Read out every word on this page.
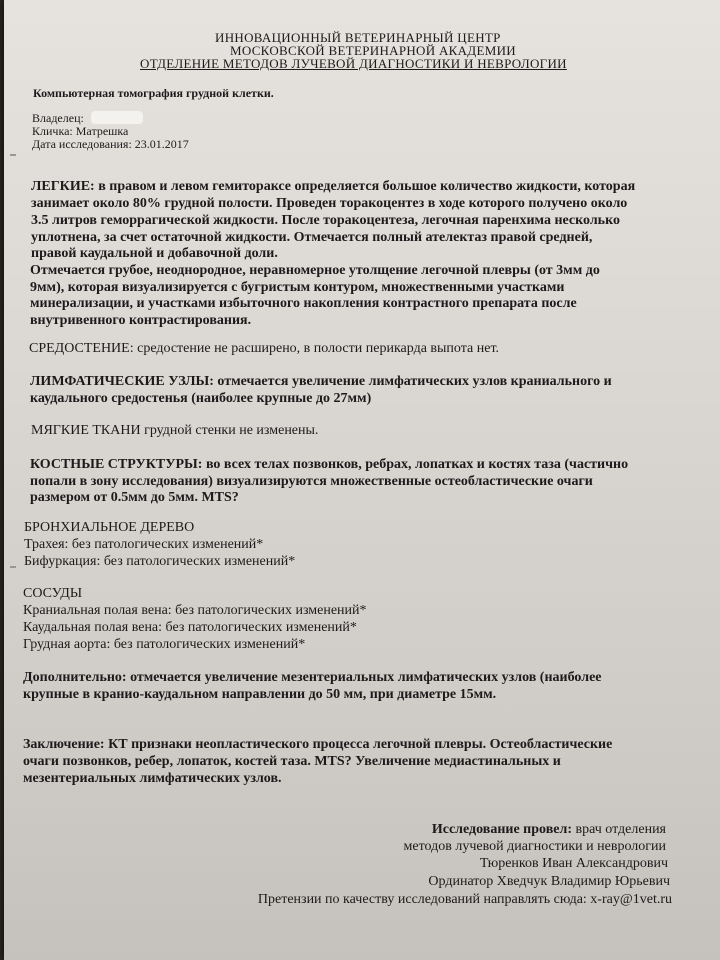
ИННОВАЦИОННЫЙ ВЕТЕРИНАРНЫЙ ЦЕНТР
МОСКОВСКОЙ ВЕТЕРИНАРНОЙ АКАДЕМИИ
ОТДЕЛЕНИЕ МЕТОДОВ ЛУЧЕВОЙ ДИАГНОСТИКИ И НЕВРОЛОГИИ
Компьютерная томография грудной клетки.
Владелец:
Кличка: Матрешка
Дата исследования: 23.01.2017
ЛЕГКИЕ: в правом и левом гемитораксе определяется большое количество жидкости, которая
занимает около 80% грудной полости. Проведен торакоцентез в ходе которого получено около
3.5 литров геморрагической жидкости. После торакоцентеза, легочная паренхима несколько
уплотнена, за счет остаточной жидкости. Отмечается полный ателектаз правой средней,
правой каудальной и добавочной доли.
Отмечается грубое, неоднородное, неравномерное утолщение легочной плевры (от 3мм до
9мм), которая визуализируется с бугристым контуром, множественными участками
минерализации, и участками избыточного накопления контрастного препарата после
внутривенного контрастирования.
СРЕДОСТЕНИЕ: средостение не расширено, в полости перикарда выпота нет.
ЛИМФАТИЧЕСКИЕ УЗЛЫ: отмечается увеличение лимфатических узлов краниального и
каудального средостенья (наиболее крупные до 27мм)
МЯГКИЕ ТКАНИ грудной стенки не изменены.
КОСТНЫЕ СТРУКТУРЫ: во всех телах позвонков, ребрах, лопатках и костях таза (частично
попали в зону исследования) визуализируются множественные остеобластические очаги
размером от 0.5мм до 5мм. MTS?
БРОНХИАЛЬНОЕ ДЕРЕВО
Трахея: без патологических изменений*
Бифуркация: без патологических изменений*
СОСУДЫ
Краниальная полая вена: без патологических изменений*
Каудальная полая вена: без патологических изменений*
Грудная аорта: без патологических изменений*
Дополнительно: отмечается увеличение мезентериальных лимфатических узлов (наиболее
крупные в кранио-каудальном направлении до 50 мм, при диаметре 15мм.
Заключение: КТ признаки неопластического процесса легочной плевры. Остеобластические
очаги позвонков, ребер, лопаток, костей таза. MTS? Увеличение медиастинальных и
мезентериальных лимфатических узлов.
Исследование провел: врач отделения
методов лучевой диагностики и неврологии
Тюренков Иван Александрович
Ординатор Хведчук Владимир Юрьевич
Претензии по качеству исследований направлять сюда: x-ray@1vet.ru
